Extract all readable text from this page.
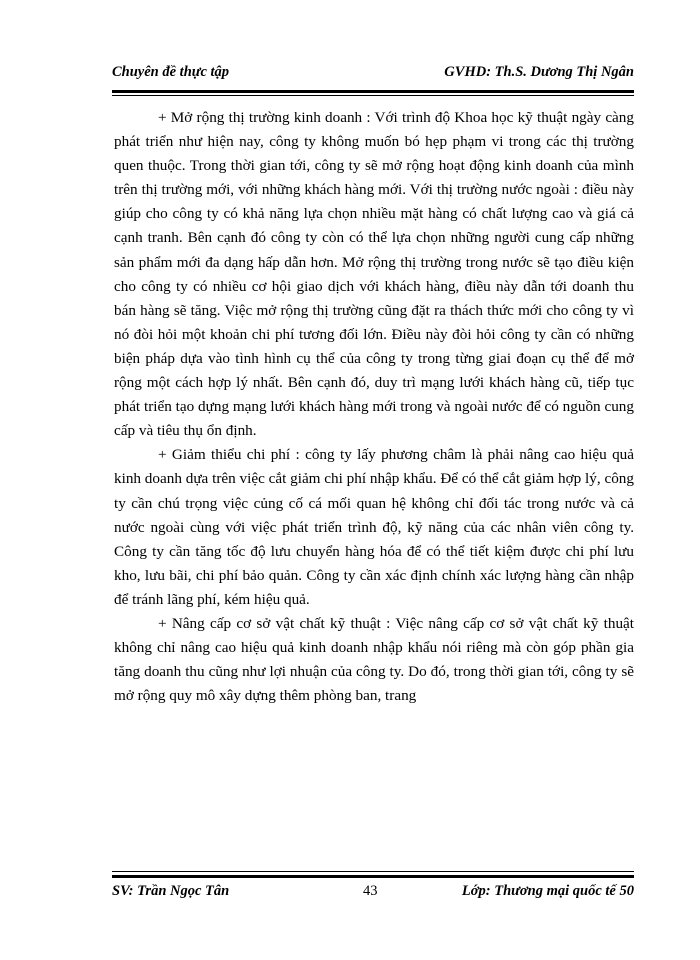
Chuyên đề thực tập	GVHD: Th.S. Dương Thị Ngân

+ Mở rộng thị trường kinh doanh : Với trình độ Khoa học kỹ thuật ngày càng phát triển như hiện nay, công ty không muốn bó hẹp phạm vi trong các thị trường quen thuộc. Trong thời gian tới, công ty sẽ mở rộng hoạt động kinh doanh của mình trên thị trường mới, với những khách hàng mới. Với thị trường nước ngoài : điều này giúp cho công ty có khả năng lựa chọn nhiều mặt hàng có chất lượng cao và giá cả cạnh tranh. Bên cạnh đó công ty còn có thể lựa chọn những người cung cấp những sản phẩm mới đa dạng hấp dẫn hơn. Mở rộng thị trường trong nước sẽ tạo điều kiện cho công ty có nhiều cơ hội giao dịch với khách hàng, điều này dẫn tới doanh thu bán hàng sẽ tăng. Việc mở rộng thị trường cũng đặt ra thách thức mới cho công ty vì nó đòi hỏi một khoản chi phí tương đối lớn. Điều này đòi hỏi công ty cần có những biện pháp dựa vào tình hình cụ thể của công ty trong từng giai đoạn cụ thể để mở rộng một cách hợp lý nhất. Bên cạnh đó, duy trì mạng lưới khách hàng cũ, tiếp tục phát triển tạo dựng mạng lưới khách hàng mới trong và ngoài nước để có nguồn cung cấp và tiêu thụ ổn định.

+ Giảm thiểu chi phí : công ty lấy phương châm là phải nâng cao hiệu quả kinh doanh dựa trên việc cắt giảm chi phí nhập khẩu. Để có thể cắt giảm hợp lý, công ty cần chú trọng việc củng cố cá mối quan hệ không chỉ đối tác trong nước và cả nước ngoài cùng với việc phát triển trình độ, kỹ năng của các nhân viên công ty. Công ty cần tăng tốc độ lưu chuyển hàng hóa để có thể tiết kiệm được chi phí lưu kho, lưu bãi, chi phí bảo quản. Công ty cần xác định chính xác lượng hàng cần nhập để tránh lãng phí, kém hiệu quả.

+ Nâng cấp cơ sở vật chất kỹ thuật : Việc nâng cấp cơ sở vật chất kỹ thuật không chỉ nâng cao hiệu quả kinh doanh nhập khẩu nói riêng mà còn góp phần gia tăng doanh thu cũng như lợi nhuận của công ty. Do đó, trong thời gian tới, công ty sẽ mở rộng quy mô xây dựng thêm phòng ban, trang

SV: Trần Ngọc Tân	43	Lớp: Thương mại quốc tế 50
